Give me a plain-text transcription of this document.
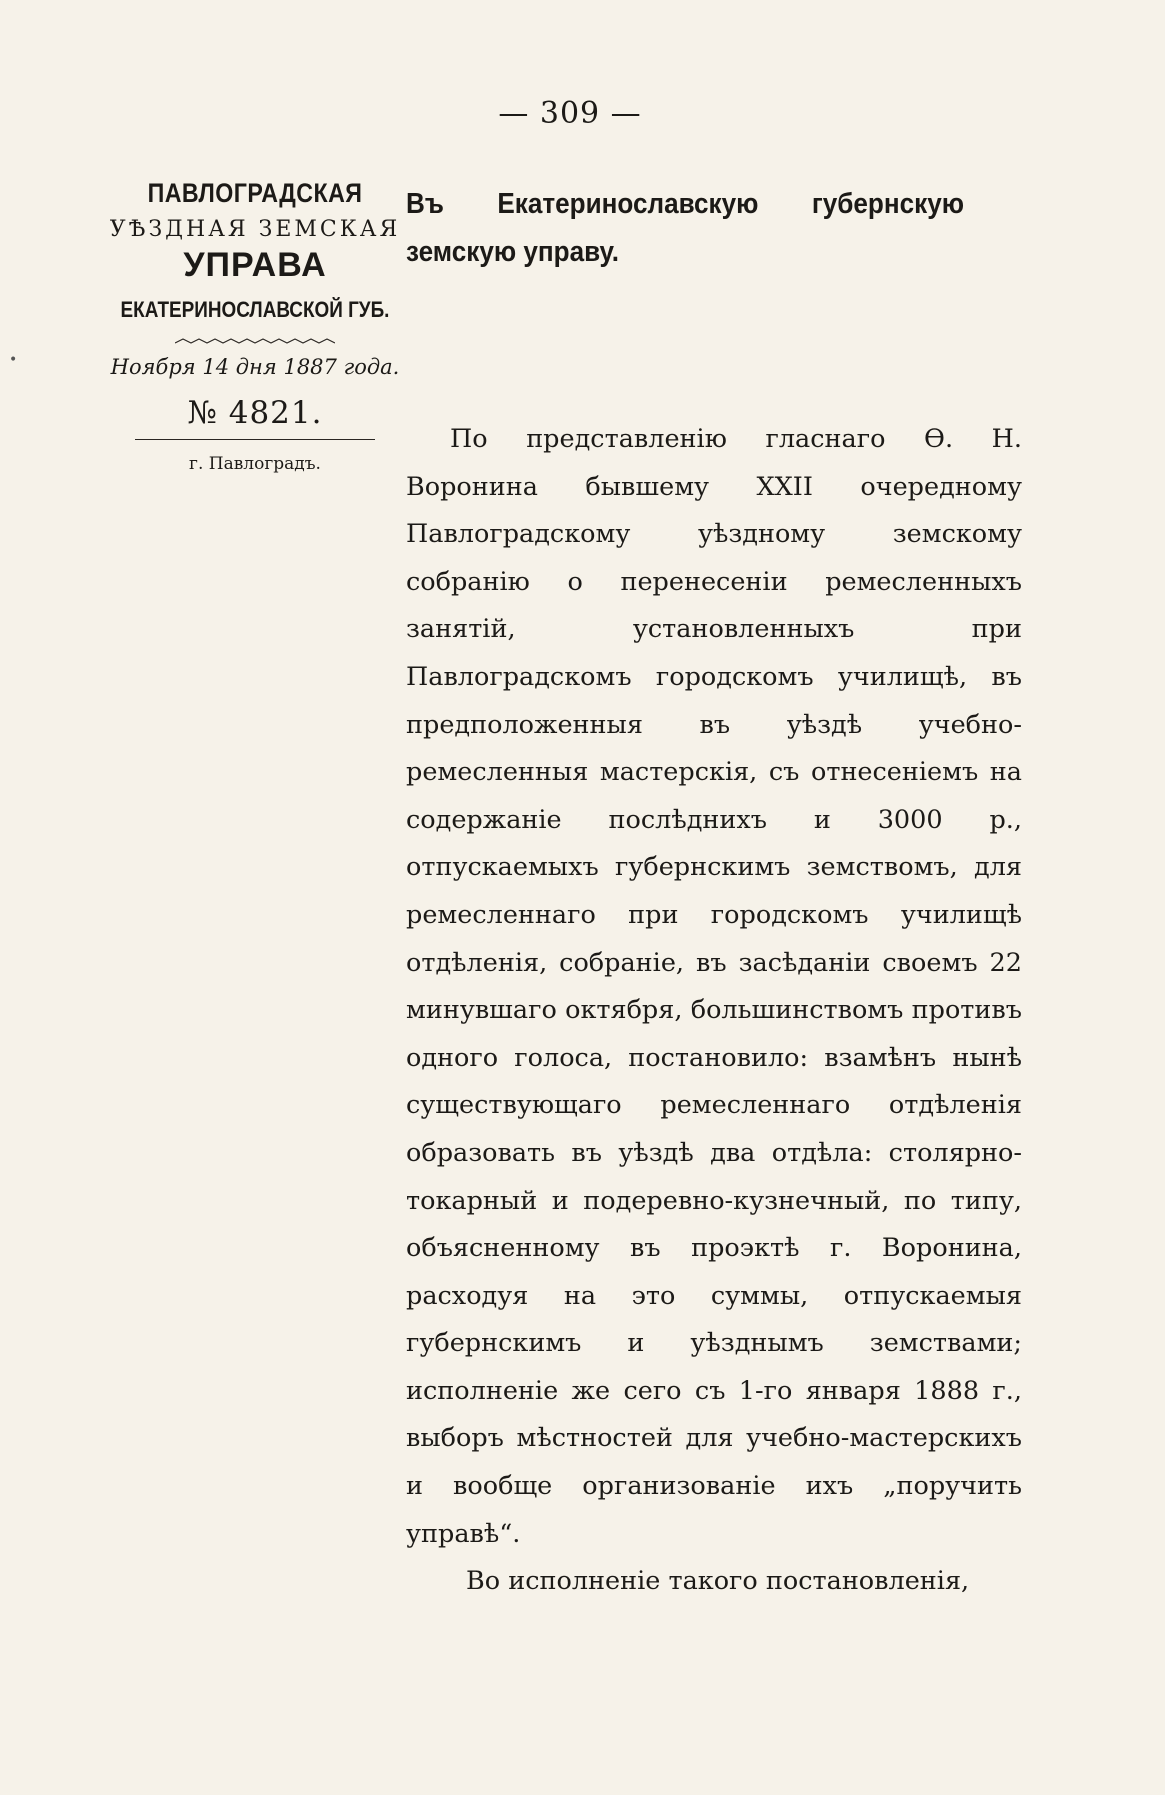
— 309 —
•
ПАВЛОГРАДСКАЯ
УѢЗДНАЯ ЗЕМСКАЯ
УПРАВА
ЕКАТЕРИНОСЛАВСКОЙ ГУБ.
Ноября 14 дня 1887 года.
№ 4821.
г. Павлоградъ.
Въ Екатеринославскую губернскую земскую управу.

По представленію гласнаго Ѳ. Н. Воронина бывшему XXII очередному Павлоградскому уѣздному земскому собранію о перенесеніи ремесленныхъ занятій, установленныхъ при Павлоградскомъ городскомъ училищѣ, въ предположенныя въ уѣздѣ учебно-ремесленныя мастерскія, съ отнесеніемъ на содержаніе послѣднихъ и 3000 р., отпускаемыхъ губернскимъ земствомъ, для ремесленнаго при городскомъ училищѣ отдѣленія, собраніе, въ засѣданіи своемъ 22 минувшаго октября, большинствомъ противъ одного голоса, постановило: взамѣнъ нынѣ существующаго ремесленнаго отдѣленія образовать въ уѣздѣ два отдѣла: столярно-токарный и подеревно-кузнечный, по типу, объясненному въ проэктѣ г. Воронина, расходуя на это суммы, отпускаемыя губернскимъ и уѣзднымъ земствами; исполненіе же сего съ 1-го января 1888 г., выборъ мѣстностей для учебно-мастерскихъ и вообще организованіе ихъ „поручить управѣ“.

Во исполненіе такого постановленія,
